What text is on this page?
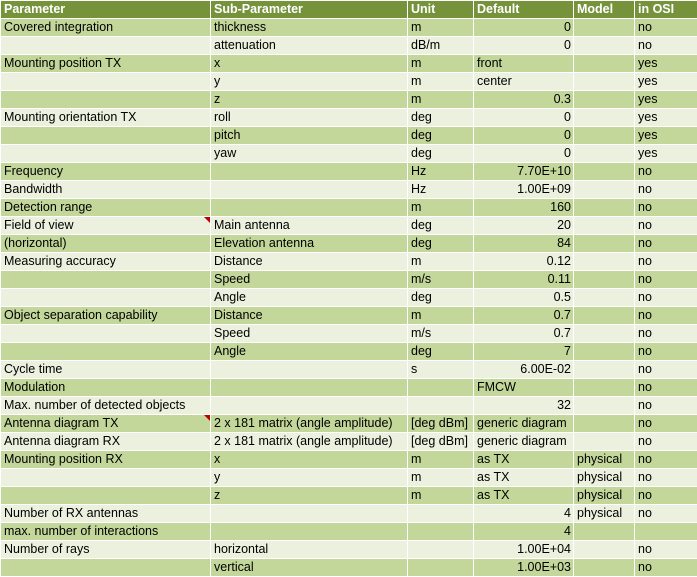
Parameter	Sub-Parameter	Unit	Default	Model	in OSI
Covered integration	thickness	m	0		no
	attenuation	dB/m	0		no
Mounting position TX	x	m	front		yes
	y	m	center		yes
	z	m	0.3		yes
Mounting orientation TX	roll	deg	0		yes
	pitch	deg	0		yes
	yaw	deg	0		yes
Frequency		Hz	7.70E+10		no
Bandwidth		Hz	1.00E+09		no
Detection range		m	160		no
Field of view	Main antenna	deg	20		no
(horizontal)	Elevation antenna	deg	84		no
Measuring accuracy	Distance	m	0.12		no
	Speed	m/s	0.11		no
	Angle	deg	0.5		no
Object separation capability	Distance	m	0.7		no
	Speed	m/s	0.7		no
	Angle	deg	7		no
Cycle time		s	6.00E-02		no
Modulation			FMCW		no
Max. number of detected objects			32		no
Antenna diagram TX	2 x 181 matrix (angle amplitude)	[deg dBm]	generic diagram		no
Antenna diagram RX	2 x 181 matrix (angle amplitude)	[deg dBm]	generic diagram		no
Mounting position RX	x	m	as TX	physical	no
	y	m	as TX	physical	no
	z	m	as TX	physical	no
Number of RX antennas			4	physical	no
max. number of interactions			4		
Number of rays	horizontal		1.00E+04		no
	vertical		1.00E+03		no
